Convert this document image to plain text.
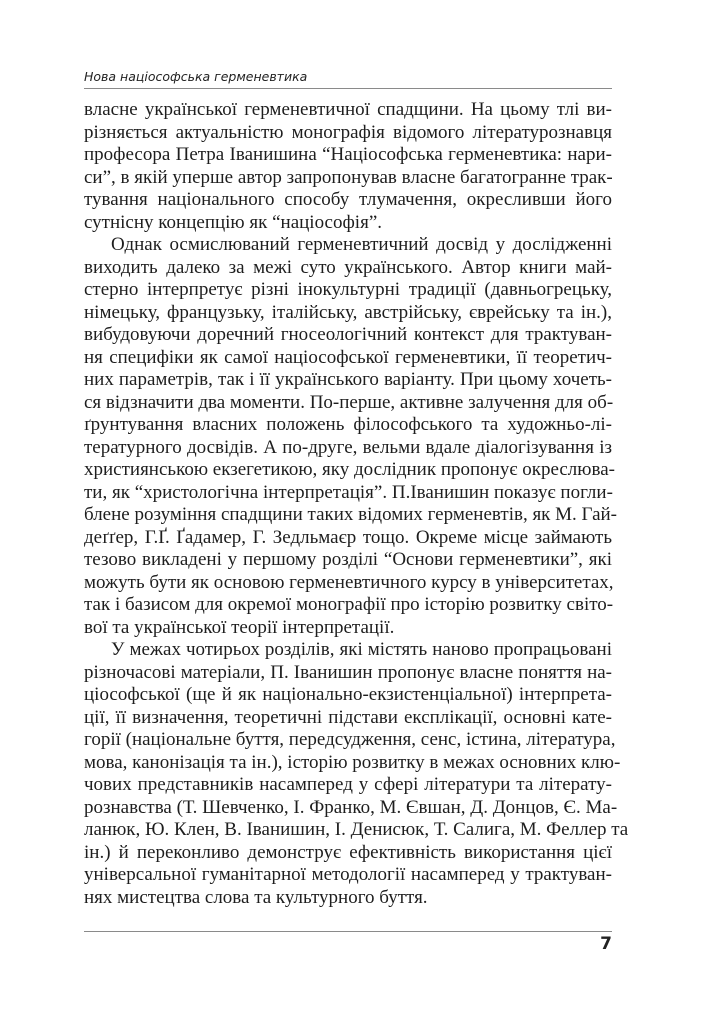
Нова націософська герменевтика
власне української герменевтичної спадщини. На цьому тлі ви-
різняється актуальністю монографія відомого літературознавця
професора Петра Іванишина “Націософська герменевтика: нари-
си”, в якій уперше автор запропонував власне багатогранне трак-
тування національного способу тлумачення, окресливши його
сутнісну концепцію як “націософія”.
Однак осмислюваний герменевтичний досвід у дослідженні
виходить далеко за межі суто українського. Автор книги май-
стерно інтерпретує різні інокультурні традиції (давньогрецьку,
німецьку, французьку, італійську, австрійську, єврейську та ін.),
вибудовуючи доречний гносеологічний контекст для трактуван-
ня специфіки як самої націософської герменевтики, її теоретич-
них параметрів, так і її українського варіанту. При цьому хочеть-
ся відзначити два моменти. По-перше, активне залучення для об-
ґрунтування власних положень філософського та художньо-лі-
тературного досвідів. А по-друге, вельми вдале діалогізування із
християнською екзегетикою, яку дослідник пропонує окреслюва-
ти, як “христологічна інтерпретація”. П.Іванишин показує погли-
блене розуміння спадщини таких відомих герменевтів, як М. Гай-
деґґер, Г.Ґ. Ґадамер, Г. Зедльмаєр тощо. Окреме місце займають
тезово викладені у першому розділі “Основи герменевтики”, які
можуть бути як основою герменевтичного курсу в університетах,
так і базисом для окремої монографії про історію розвитку світо-
вої та української теорії інтерпретації.
У межах чотирьох розділів, які містять наново пропрацьовані
різночасові матеріали, П. Іванишин пропонує власне поняття на-
ціософської (ще й як національно-екзистенціальної) інтерпрета-
ції, її визначення, теоретичні підстави експлікації, основні кате-
горії (національне буття, передсудження, сенс, істина, література,
мова, канонізація та ін.), історію розвитку в межах основних клю-
чових представників насамперед у сфері літератури та літерату-
рознавства (Т. Шевченко, І. Франко, М. Євшан, Д. Донцов, Є. Ма-
ланюк, Ю. Клен, В. Іванишин, І. Денисюк, Т. Салига, М. Феллер та
ін.) й переконливо демонструє ефективність використання цієї
універсальної гуманітарної методології насамперед у трактуван-
нях мистецтва слова та культурного буття.
7
